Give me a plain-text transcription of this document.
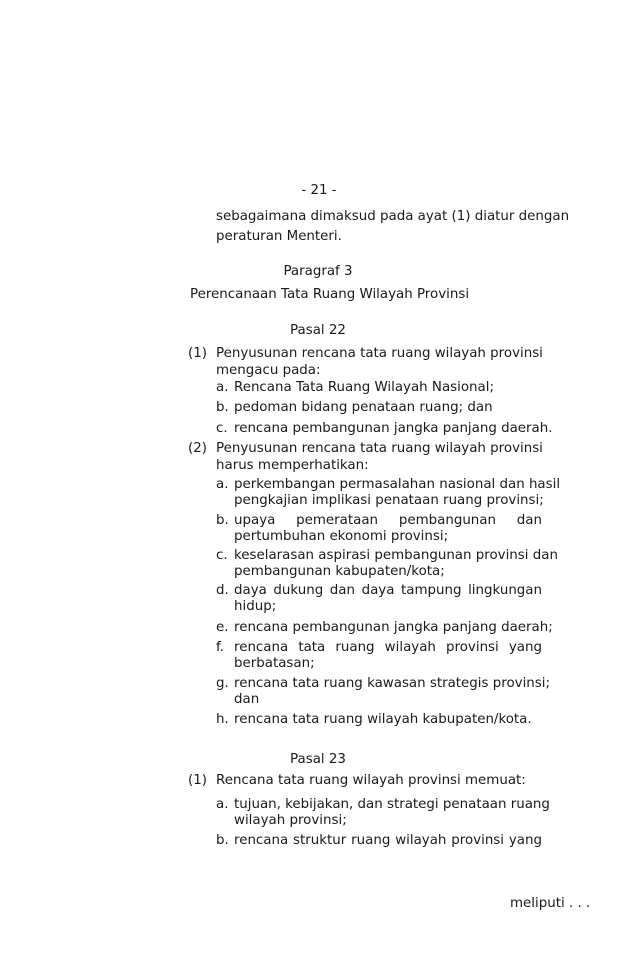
- 21 -
sebagaimana dimaksud pada ayat (1) diatur dengan
peraturan Menteri.
Paragraf 3
Perencanaan Tata Ruang Wilayah Provinsi
Pasal 22
(1) Penyusunan rencana tata ruang wilayah provinsi
mengacu pada:
a. Rencana Tata Ruang Wilayah Nasional;
b. pedoman bidang penataan ruang; dan
c. rencana pembangunan jangka panjang daerah.
(2) Penyusunan rencana tata ruang wilayah provinsi
harus memperhatikan:
a. perkembangan permasalahan nasional dan hasil
pengkajian implikasi penataan ruang provinsi;
b. upaya pemerataan pembangunan dan
pertumbuhan ekonomi provinsi;
c. keselarasan aspirasi pembangunan provinsi dan
pembangunan kabupaten/kota;
d. daya dukung dan daya tampung lingkungan
hidup;
e. rencana pembangunan jangka panjang daerah;
f. rencana tata ruang wilayah provinsi yang
berbatasan;
g. rencana tata ruang kawasan strategis provinsi;
dan
h. rencana tata ruang wilayah kabupaten/kota.
Pasal 23
(1) Rencana tata ruang wilayah provinsi memuat:
a. tujuan, kebijakan, dan strategi penataan ruang
wilayah provinsi;
b. rencana struktur ruang wilayah provinsi yang
meliputi . . .
